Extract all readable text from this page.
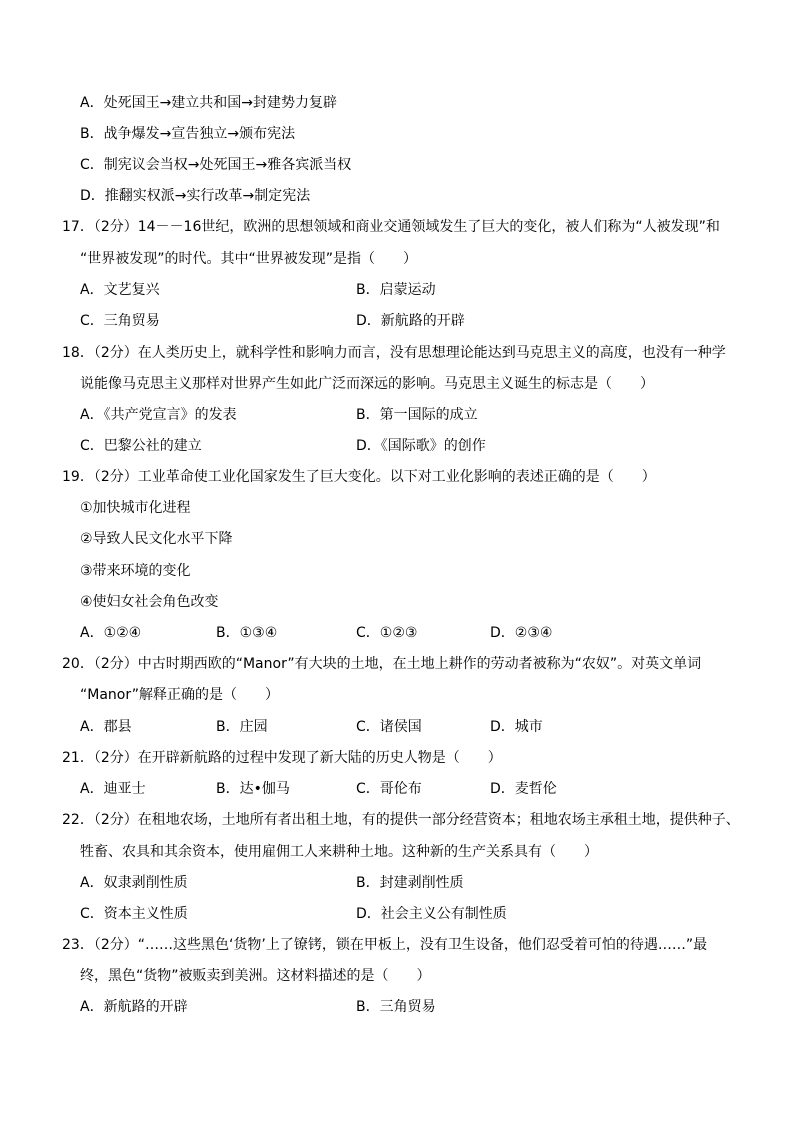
A．处死国王→建立共和国→封建势力复辟
B．战争爆发→宣告独立→颁布宪法
C．制宪议会当权→处死国王→雅各宾派当权
D．推翻实权派→实行改革→制定宪法
17．（2分）14－－16世纪，欧洲的思想领域和商业交通领域发生了巨大的变化，被人们称为“人被发现”和
“世界被发现”的时代。其中“世界被发现”是指（　　）
A．文艺复兴	B．启蒙运动
C．三角贸易	D．新航路的开辟
18．（2分）在人类历史上，就科学性和影响力而言，没有思想理论能达到马克思主义的高度，也没有一种学
说能像马克思主义那样对世界产生如此广泛而深远的影响。马克思主义诞生的标志是（　　）
A．《共产党宣言》的发表	B．第一国际的成立
C．巴黎公社的建立	D．《国际歌》的创作
19．（2分）工业革命使工业化国家发生了巨大变化。以下对工业化影响的表述正确的是（　　）
①加快城市化进程
②导致人民文化水平下降
③带来环境的变化
④使妇女社会角色改变
A．①②④	B．①③④	C．①②③	D．②③④
20．（2分）中古时期西欧的“Manor”有大块的土地，在土地上耕作的劳动者被称为“农奴”。对英文单词
“Manor”解释正确的是（　　）
A．郡县	B．庄园	C．诸侯国	D．城市
21．（2分）在开辟新航路的过程中发现了新大陆的历史人物是（　　）
A．迪亚士	B．达•伽马	C．哥伦布	D．麦哲伦
22．（2分）在租地农场，土地所有者出租土地，有的提供一部分经营资本；租地农场主承租土地，提供种子、
牲畜、农具和其余资本，使用雇佣工人来耕种土地。这种新的生产关系具有（　　）
A．奴隶剥削性质	B．封建剥削性质
C．资本主义性质	D．社会主义公有制性质
23．（2分）“……这些黑色‘货物’上了镣铐，锁在甲板上，没有卫生设备，他们忍受着可怕的待遇……”最
终，黑色“货物”被贩卖到美洲。这材料描述的是（　　）
A．新航路的开辟	B．三角贸易
